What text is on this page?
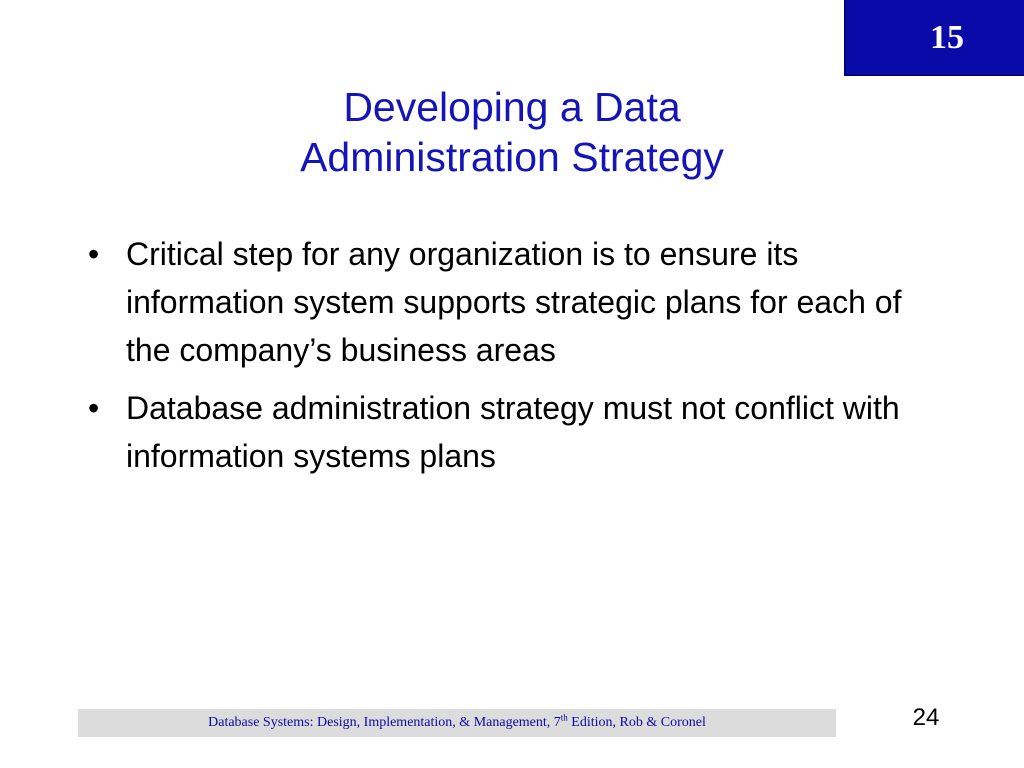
15
Developing a Data
Administration Strategy
• Critical step for any organization is to ensure its information system supports strategic plans for each of the company’s business areas
• Database administration strategy must not conflict with information systems plans
Database Systems: Design, Implementation, & Management, 7th Edition, Rob & Coronel	24
